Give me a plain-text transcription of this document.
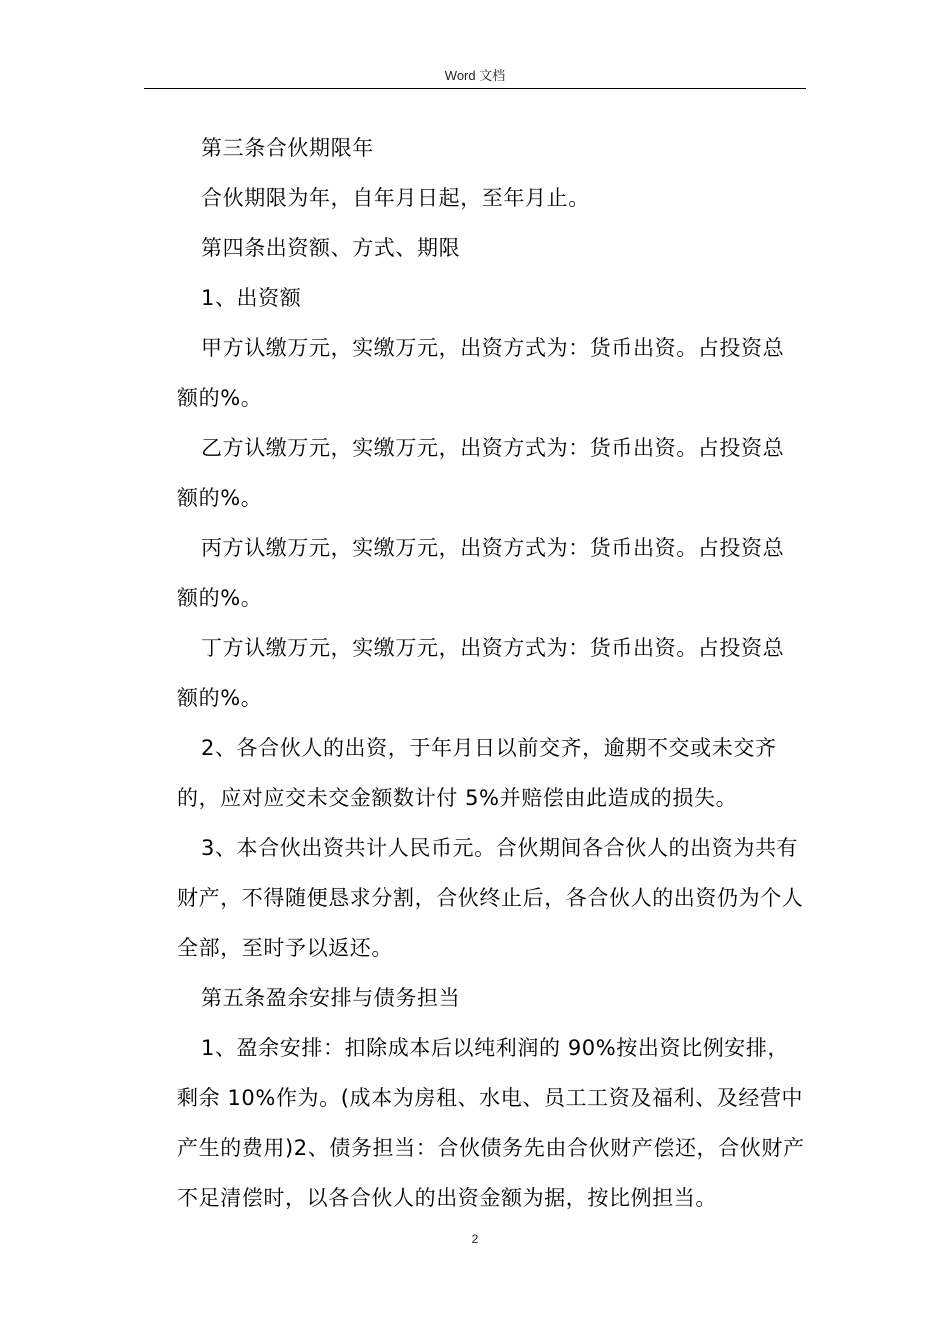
Word 文档

第三条合伙期限年

合伙期限为年，自年月日起，至年月止。

第四条出资额、方式、期限

1、出资额

甲方认缴万元，实缴万元，出资方式为：货币出资。占投资总额的%。

乙方认缴万元，实缴万元，出资方式为：货币出资。占投资总额的%。

丙方认缴万元，实缴万元，出资方式为：货币出资。占投资总额的%。

丁方认缴万元，实缴万元，出资方式为：货币出资。占投资总额的%。

2、各合伙人的出资，于年月日以前交齐，逾期不交或未交齐的，应对应交未交金额数计付 5%并赔偿由此造成的损失。

3、本合伙出资共计人民币元。合伙期间各合伙人的出资为共有财产，不得随便恳求分割，合伙终止后，各合伙人的出资仍为个人全部，至时予以返还。

第五条盈余安排与债务担当

1、盈余安排：扣除成本后以纯利润的 90%按出资比例安排，剩余 10%作为。(成本为房租、水电、员工工资及福利、及经营中产生的费用)2、债务担当：合伙债务先由合伙财产偿还，合伙财产不足清偿时，以各合伙人的出资金额为据，按比例担当。

2
